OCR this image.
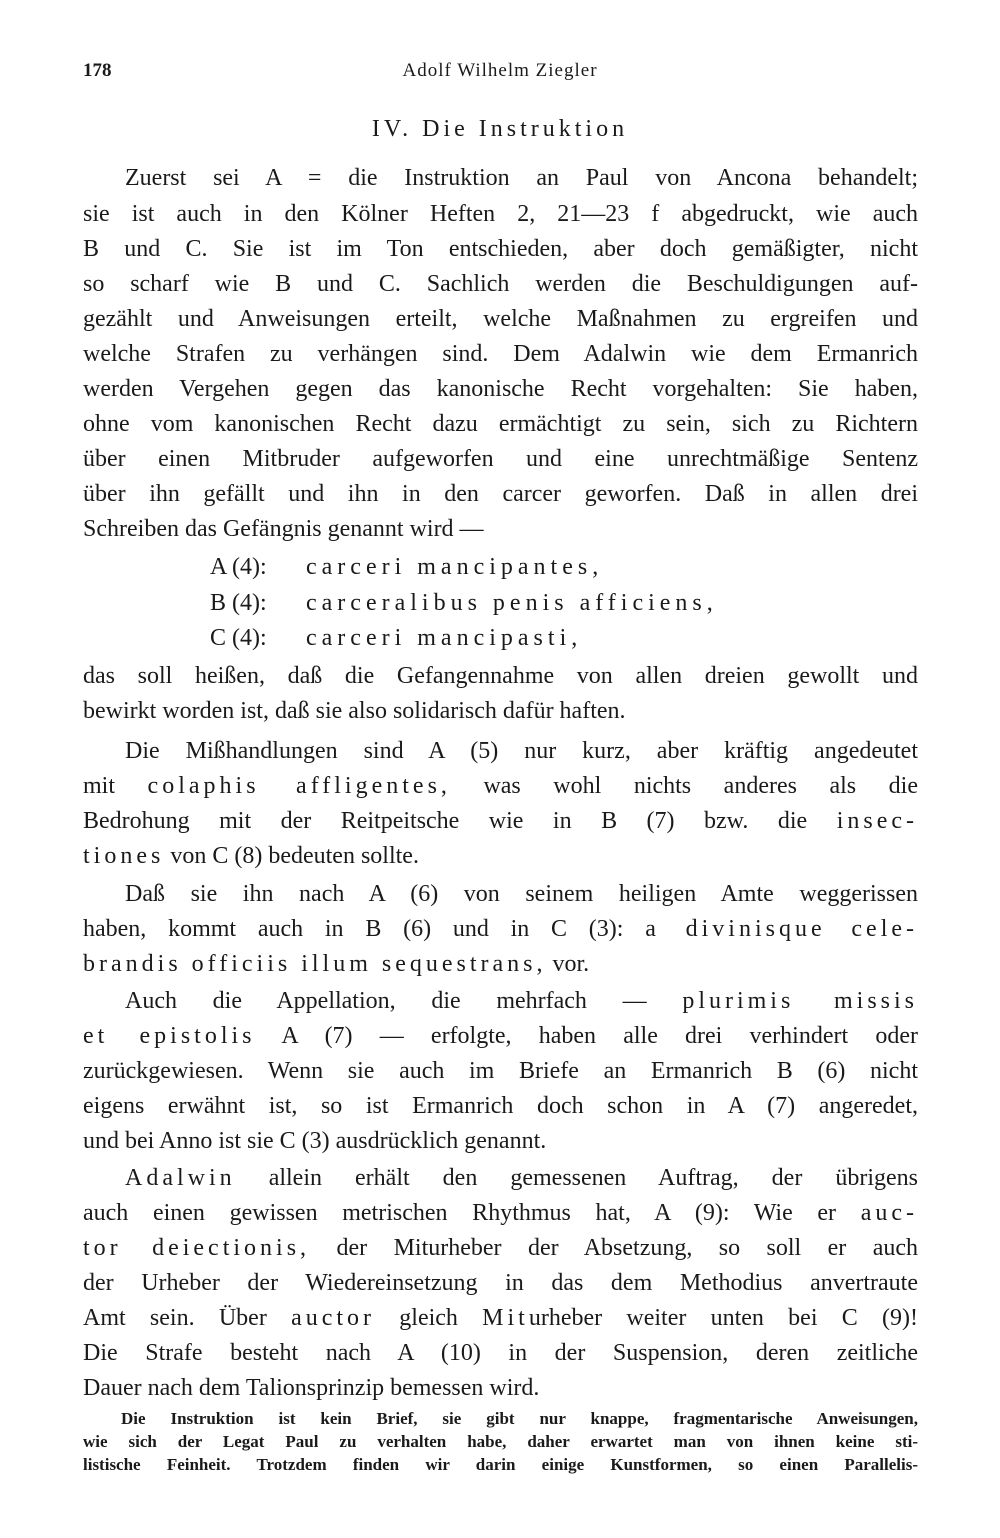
178	Adolf Wilhelm Ziegler
IV. Die Instruktion
Zuerst sei A = die Instruktion an Paul von Ancona behandelt;
sie ist auch in den Kölner Heften 2, 21—23 f abgedruckt, wie auch
B und C. Sie ist im Ton entschieden, aber doch gemäßigter, nicht
so scharf wie B und C. Sachlich werden die Beschuldigungen auf-
gezählt und Anweisungen erteilt, welche Maßnahmen zu ergreifen und
welche Strafen zu verhängen sind. Dem Adalwin wie dem Ermanrich
werden Vergehen gegen das kanonische Recht vorgehalten: Sie haben,
ohne vom kanonischen Recht dazu ermächtigt zu sein, sich zu Richtern
über einen Mitbruder aufgeworfen und eine unrechtmäßige Sentenz
über ihn gefällt und ihn in den carcer geworfen. Daß in allen drei
Schreiben das Gefängnis genannt wird —
A (4): carceri mancipantes,
B (4): carceralibus penis afficiens,
C (4): carceri mancipasti,
das soll heißen, daß die Gefangennahme von allen dreien gewollt und
bewirkt worden ist, daß sie also solidarisch dafür haften.
Die Mißhandlungen sind A (5) nur kurz, aber kräftig angedeutet
mit colaphis affligentes, was wohl nichts anderes als die
Bedrohung mit der Reitpeitsche wie in B (7) bzw. die insec-
tiones von C (8) bedeuten sollte.
Daß sie ihn nach A (6) von seinem heiligen Amte weggerissen
haben, kommt auch in B (6) und in C (3): a divinisque cele-
brandis officiis illum sequestrans, vor.
Auch die Appellation, die mehrfach — plurimis missis
et epistolis A (7) — erfolgte, haben alle drei verhindert oder
zurückgewiesen. Wenn sie auch im Briefe an Ermanrich B (6) nicht
eigens erwähnt ist, so ist Ermanrich doch schon in A (7) angeredet,
und bei Anno ist sie C (3) ausdrücklich genannt.
Adalwin allein erhält den gemessenen Auftrag, der übrigens
auch einen gewissen metrischen Rhythmus hat, A (9): Wie er auc-
tor deiectionis, der Miturheber der Absetzung, so soll er auch
der Urheber der Wiedereinsetzung in das dem Methodius anvertraute
Amt sein. Über auctor gleich Miturheber weiter unten bei C (9)!
Die Strafe besteht nach A (10) in der Suspension, deren zeitliche
Dauer nach dem Talionsprinzip bemessen wird.
Die Instruktion ist kein Brief, sie gibt nur knappe, fragmentarische Anweisungen,
wie sich der Legat Paul zu verhalten habe, daher erwartet man von ihnen keine sti-
listische Feinheit. Trotzdem finden wir darin einige Kunstformen, so einen Parallelis-
